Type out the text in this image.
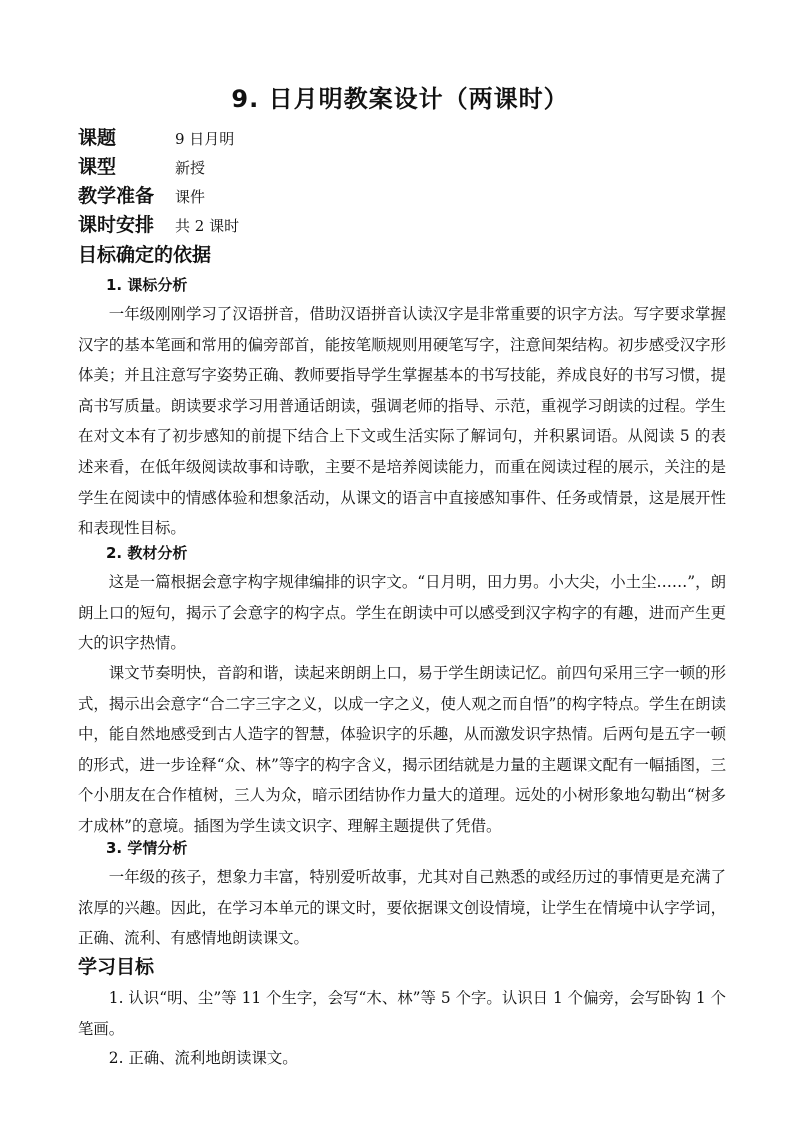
9. 日月明教案设计（两课时）
课题	9 日月明
课型	新授
教学准备 课件
课时安排 共 2 课时
目标确定的依据
1. 课标分析

一年级刚刚学习了汉语拼音，借助汉语拼音认读汉字是非常重要的识字方法。写字要求掌握汉字的基本笔画和常用的偏旁部首，能按笔顺规则用硬笔写字，注意间架结构。初步感受汉字形体美；并且注意写字姿势正确、教师要指导学生掌握基本的书写技能，养成良好的书写习惯，提高书写质量。朗读要求学习用普通话朗读，强调老师的指导、示范，重视学习朗读的过程。学生在对文本有了初步感知的前提下结合上下文或生活实际了解词句，并积累词语。从阅读 5 的表述来看，在低年级阅读故事和诗歌，主要不是培养阅读能力，而重在阅读过程的展示，关注的是学生在阅读中的情感体验和想象活动，从课文的语言中直接感知事件、任务或情景，这是展开性和表现性目标。

2. 教材分析

这是一篇根据会意字构字规律编排的识字文。“日月明，田力男。小大尖，小土尘……”，朗朗上口的短句，揭示了会意字的构字点。学生在朗读中可以感受到汉字构字的有趣，进而产生更大的识字热情。

课文节奏明快，音韵和谐，读起来朗朗上口，易于学生朗读记忆。前四句采用三字一顿的形式，揭示出会意字“合二字三字之义，以成一字之义，使人观之而自悟”的构字特点。学生在朗读中，能自然地感受到古人造字的智慧，体验识字的乐趣，从而激发识字热情。后两句是五字一顿的形式，进一步诠释“众、林”等字的构字含义，揭示团结就是力量的主题课文配有一幅插图，三个小朋友在合作植树，三人为众，暗示团结协作力量大的道理。远处的小树形象地勾勒出“树多才成林”的意境。插图为学生读文识字、理解主题提供了凭借。

3. 学情分析

一年级的孩子，想象力丰富，特别爱听故事，尤其对自己熟悉的或经历过的事情更是充满了浓厚的兴趣。因此，在学习本单元的课文时，要依据课文创设情境，让学生在情境中认字学词，正确、流利、有感情地朗读课文。

学习目标

1. 认识“明、尘”等 11 个生字，会写“木、林”等 5 个字。认识日 1 个偏旁，会写卧钩 1 个笔画。

2. 正确、流利地朗读课文。
